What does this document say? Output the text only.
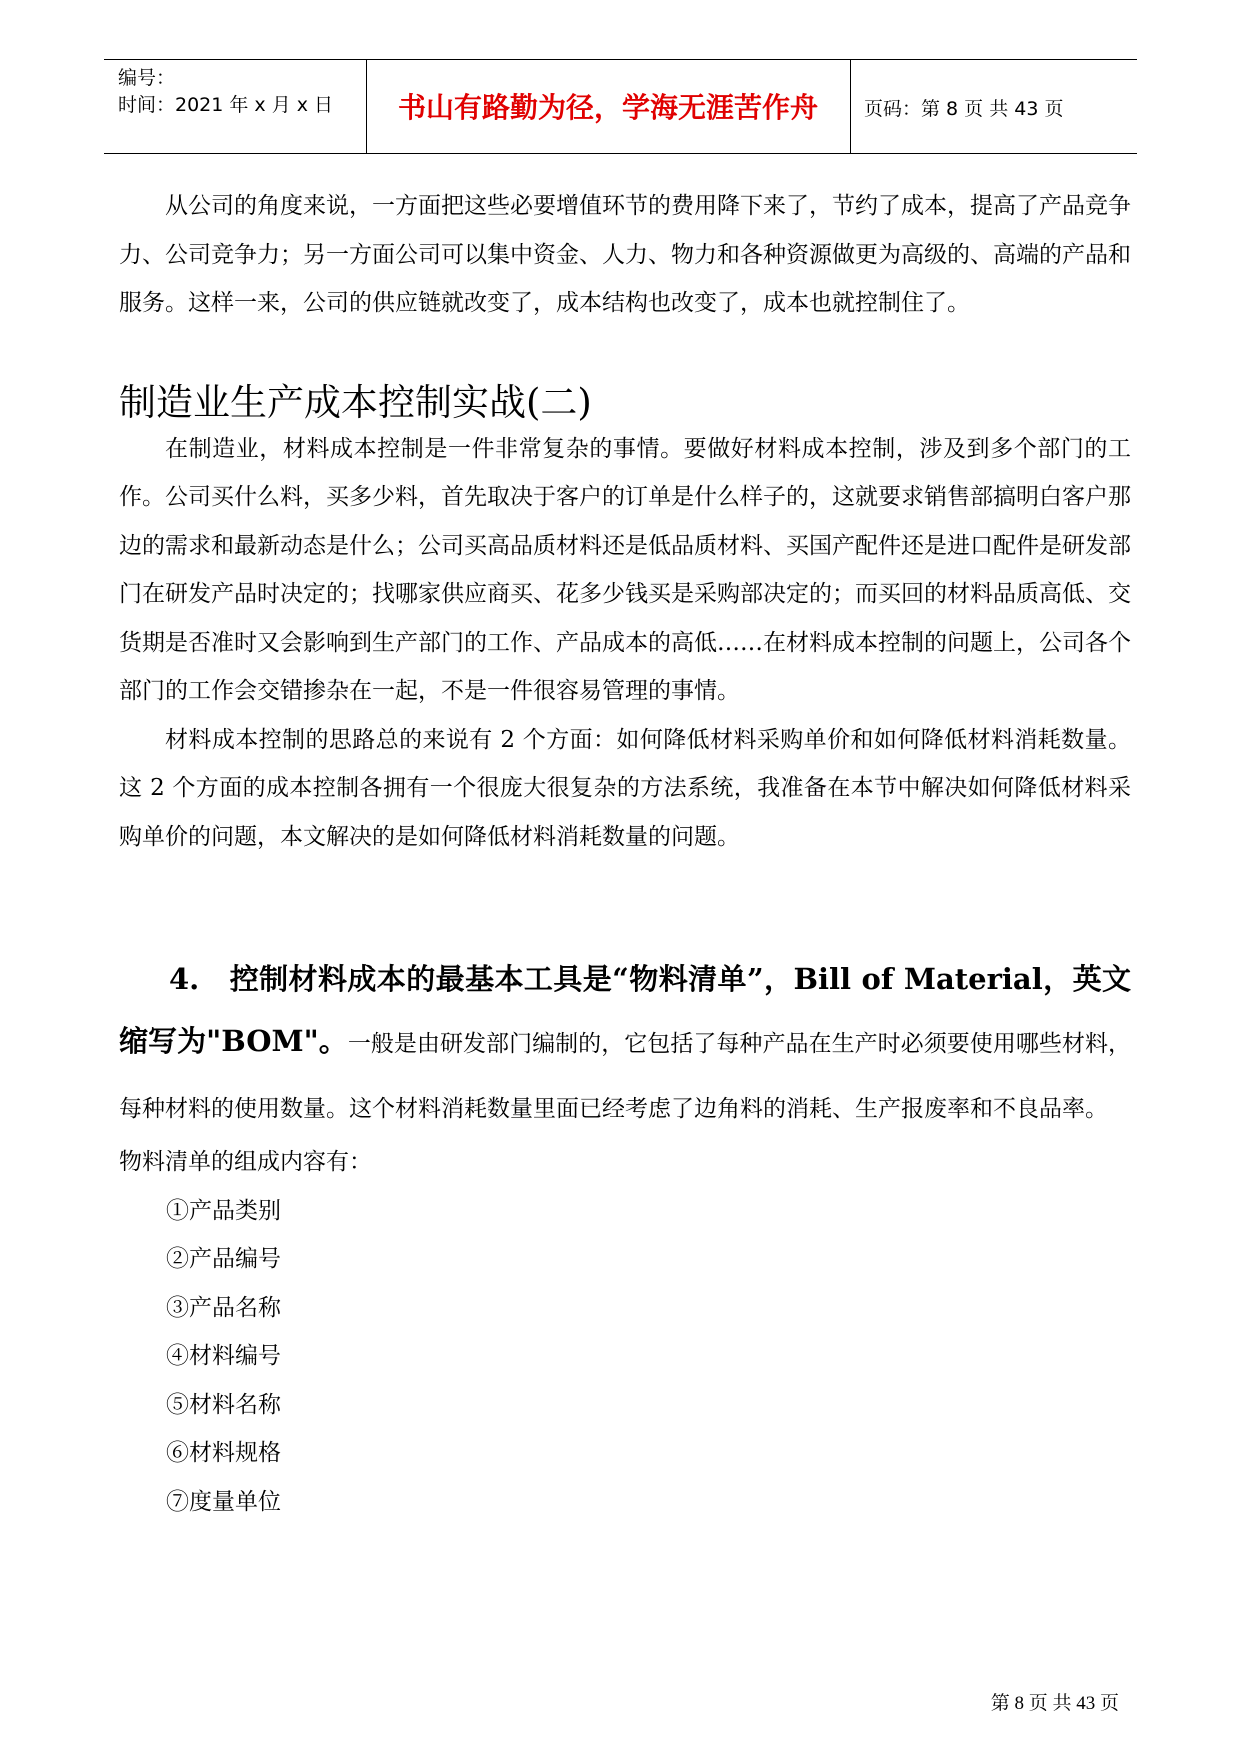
编号：
时间：2021 年 x 月 x 日	书山有路勤为径，学海无涯苦作舟	页码：第 8 页 共 43 页

从公司的角度来说，一方面把这些必要增值环节的费用降下来了，节约了成本，提高了产品竞争力、公司竞争力；另一方面公司可以集中资金、人力、物力和各种资源做更为高级的、高端的产品和服务。这样一来，公司的供应链就改变了，成本结构也改变了，成本也就控制住了。

制造业生产成本控制实战(二)

在制造业，材料成本控制是一件非常复杂的事情。要做好材料成本控制，涉及到多个部门的工作。公司买什么料，买多少料，首先取决于客户的订单是什么样子的，这就要求销售部搞明白客户那边的需求和最新动态是什么；公司买高品质材料还是低品质材料、买国产配件还是进口配件是研发部门在研发产品时决定的；找哪家供应商买、花多少钱买是采购部决定的；而买回的材料品质高低、交货期是否准时又会影响到生产部门的工作、产品成本的高低……在材料成本控制的问题上，公司各个部门的工作会交错掺杂在一起，不是一件很容易管理的事情。

材料成本控制的思路总的来说有 2 个方面：如何降低材料采购单价和如何降低材料消耗数量。这 2 个方面的成本控制各拥有一个很庞大很复杂的方法系统，我准备在本节中解决如何降低材料采购单价的问题，本文解决的是如何降低材料消耗数量的问题。

4. 控制材料成本的最基本工具是“物料清单”，Bill of Material，英文缩写为"BOM"。一般是由研发部门编制的，它包括了每种产品在生产时必须要使用哪些材料，每种材料的使用数量。这个材料消耗数量里面已经考虑了边角料的消耗、生产报废率和不良品率。

物料清单的组成内容有：

①产品类别
②产品编号
③产品名称
④材料编号
⑤材料名称
⑥材料规格
⑦度量单位
第 8 页 共 43 页
